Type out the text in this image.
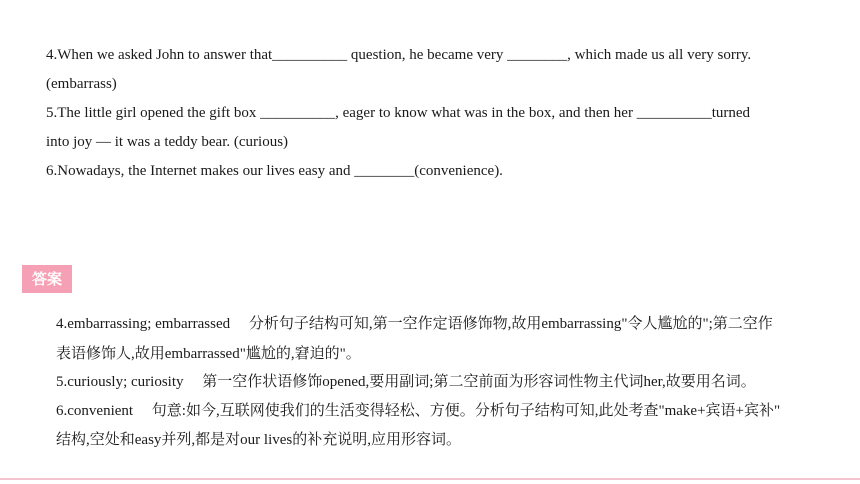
4.When we asked John to answer that__________ question, he became very ________, which made us all very sorry.
(embarrass)
5.The little girl opened the gift box __________, eager to know what was in the box, and then her __________turned
into joy — it was a teddy bear. (curious)
6.Nowadays, the Internet makes our lives easy and ________(convenience).
答案
4.embarrassing; embarrassed　 分析句子结构可知,第一空作定语修饰物,故用embarrassing"令人尴尬的";第二空作
表语修饰人,故用embarrassed"尴尬的,窘迫的"。
5.curiously; curiosity　 第一空作状语修饰opened,要用副词;第二空前面为形容词性物主代词her,故要用名词。
6.convenient　 句意:如今,互联网使我们的生活变得轻松、方便。分析句子结构可知,此处考查"make+宾语+宾补"
结构,空处和easy并列,都是对our lives的补充说明,应用形容词。
